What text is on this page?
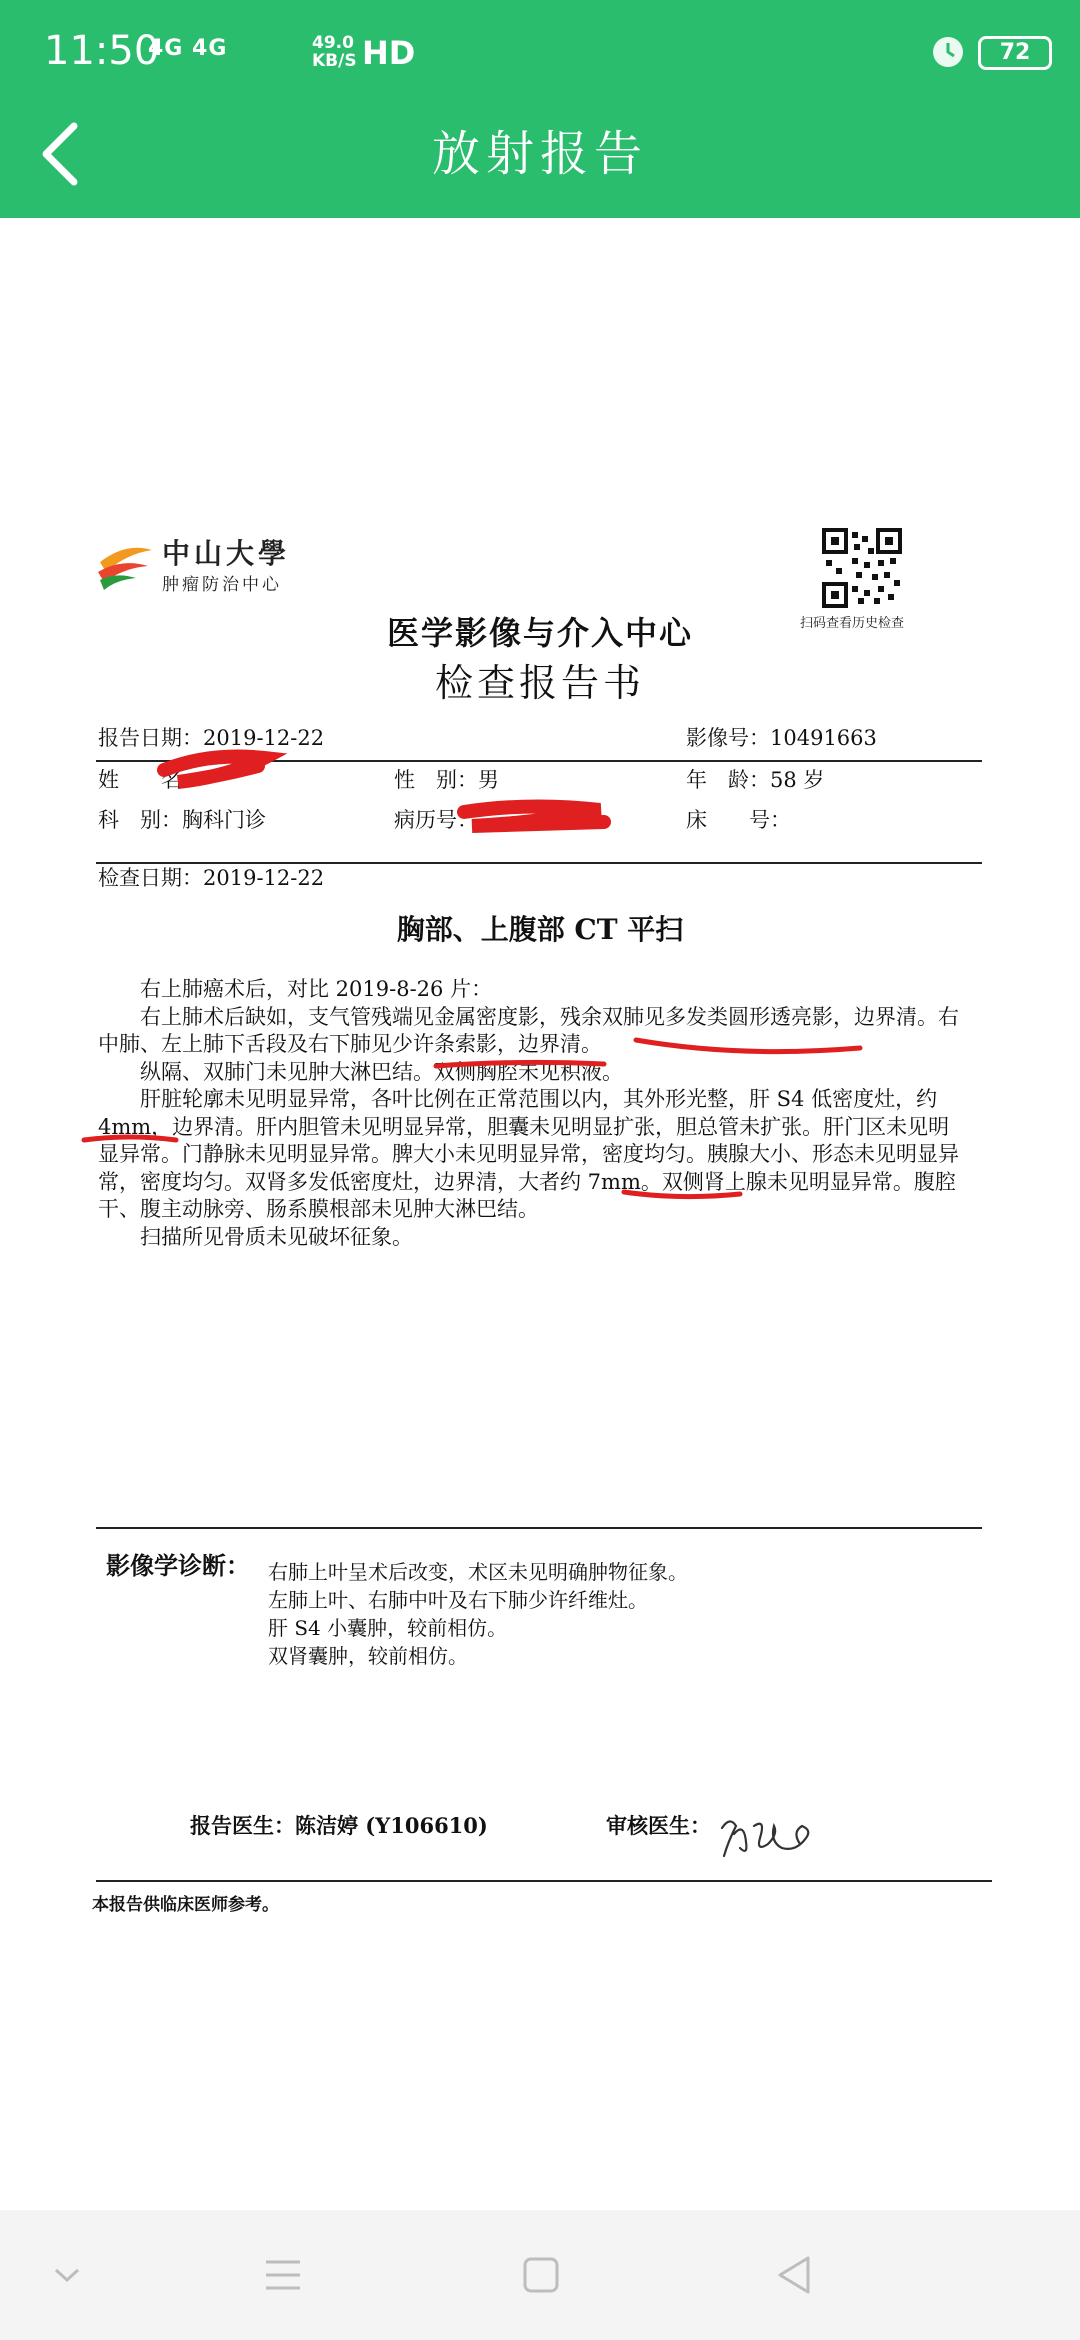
11:50
4G 4G	49.0
KB/S HD	72
放射报告
中山大學
肿瘤防治中心
扫码查看历史检查
医学影像与介入中心
检查报告书
报告日期：2019-12-22	影像号：10491663
姓　　名：	性　别：男	年　龄：58 岁
科　别：胸科门诊	病历号：	床　　号：
检查日期：2019-12-22
胸部、上腹部 CT 平扫

右上肺癌术后，对比 2019-8-26 片：

右上肺术后缺如，支气管残端见金属密度影，残余双肺见多发类圆形透亮影，边界清。右中肺、左上肺下舌段及右下肺见少许条索影，边界清。

纵隔、双肺门未见肿大淋巴结。双侧胸腔未见积液。

肝脏轮廓未见明显异常，各叶比例在正常范围以内，其外形光整，肝 S4 低密度灶，约 4mm，边界清。肝内胆管未见明显异常，胆囊未见明显扩张，胆总管未扩张。肝门区未见明显异常。门静脉未见明显异常。脾大小未见明显异常，密度均匀。胰腺大小、形态未见明显异常，密度均匀。双肾多发低密度灶，边界清，大者约 7mm。双侧肾上腺未见明显异常。腹腔干、腹主动脉旁、肠系膜根部未见肿大淋巴结。

扫描所见骨质未见破坏征象。

影像学诊断： 右肺上叶呈术后改变，术区未见明确肿物征象。
左肺上叶、右肺中叶及右下肺少许纤维灶。
肝 S4 小囊肿，较前相仿。
双肾囊肿，较前相仿。
报告医生：陈洁婷 (Y106610)	审核医生：
本报告供临床医师参考。
